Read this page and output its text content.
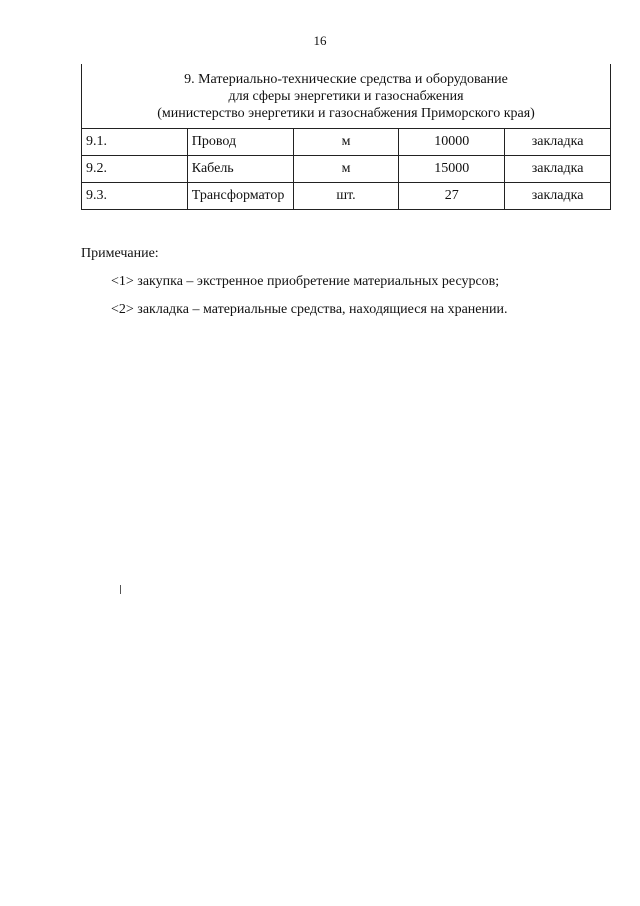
16
9. Материально-технические средства и оборудование
для сферы энергетики и газоснабжения
(министерство энергетики и газоснабжения Приморского края)				

9.1.	Провод	м	10000	закладка
9.2.	Кабель	м	15000	закладка
9.3.	Трансформатор	шт.	27	закладка
Примечание:
<1> закупка – экстренное приобретение материальных ресурсов;
<2> закладка – материальные средства, находящиеся на хранении.
